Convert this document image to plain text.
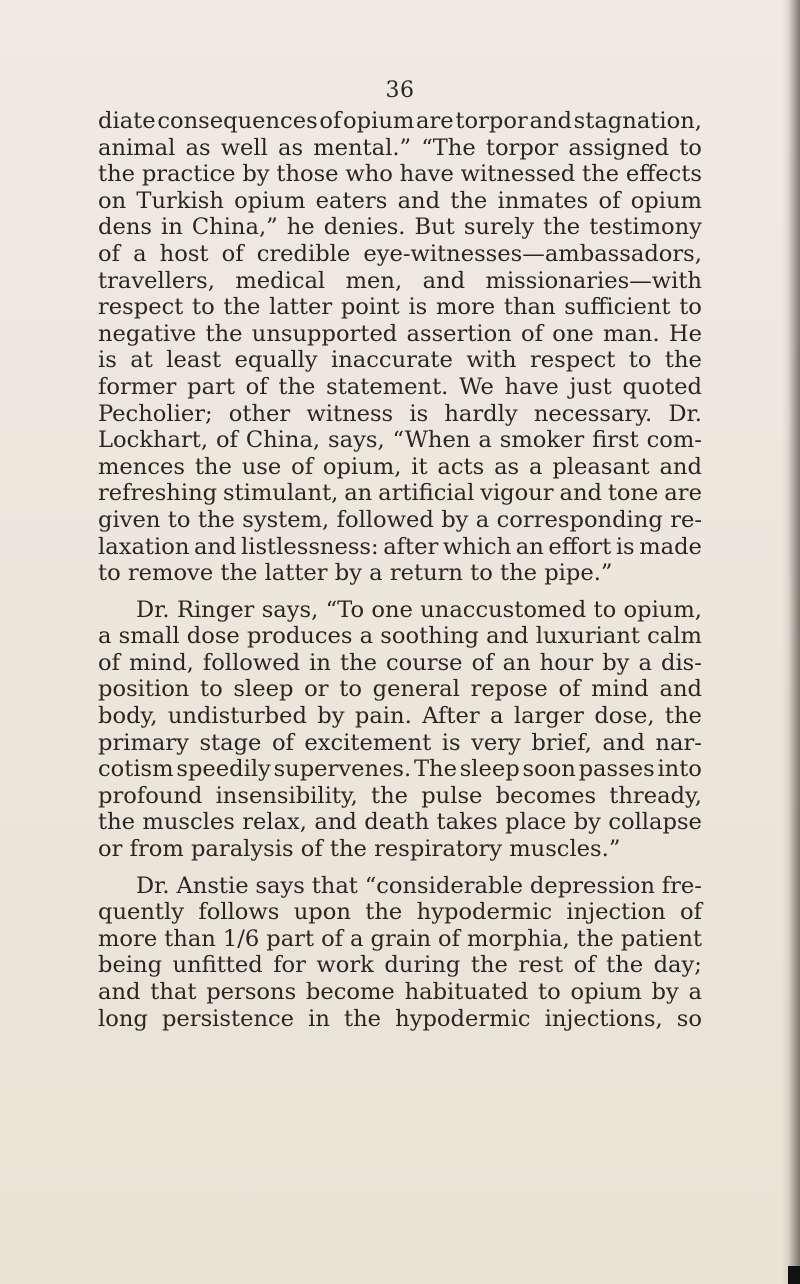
36
diate consequences of opium are torpor and stagnation,
animal as well as mental.” “The torpor assigned to
the practice by those who have witnessed the effects
on Turkish opium eaters and the inmates of opium
dens in China,” he denies. But surely the testimony
of a host of credible eye-witnesses—ambassadors,
travellers, medical men, and missionaries—with
respect to the latter point is more than sufficient to
negative the unsupported assertion of one man. He
is at least equally inaccurate with respect to the
former part of the statement. We have just quoted
Pecholier; other witness is hardly necessary. Dr.
Lockhart, of China, says, “When a smoker first com-
mences the use of opium, it acts as a pleasant and
refreshing stimulant, an artificial vigour and tone are
given to the system, followed by a corresponding re-
laxation and listlessness: after which an effort is made
to remove the latter by a return to the pipe.”
Dr. Ringer says, “To one unaccustomed to opium,
a small dose produces a soothing and luxuriant calm
of mind, followed in the course of an hour by a dis-
position to sleep or to general repose of mind and
body, undisturbed by pain. After a larger dose, the
primary stage of excitement is very brief, and nar-
cotism speedily supervenes. The sleep soon passes into
profound insensibility, the pulse becomes thready,
the muscles relax, and death takes place by collapse
or from paralysis of the respiratory muscles.”
Dr. Anstie says that “considerable depression fre-
quently follows upon the hypodermic injection of
more than 1/6 part of a grain of morphia, the patient
being unfitted for work during the rest of the day;
and that persons become habituated to opium by a
long persistence in the hypodermic injections, so
